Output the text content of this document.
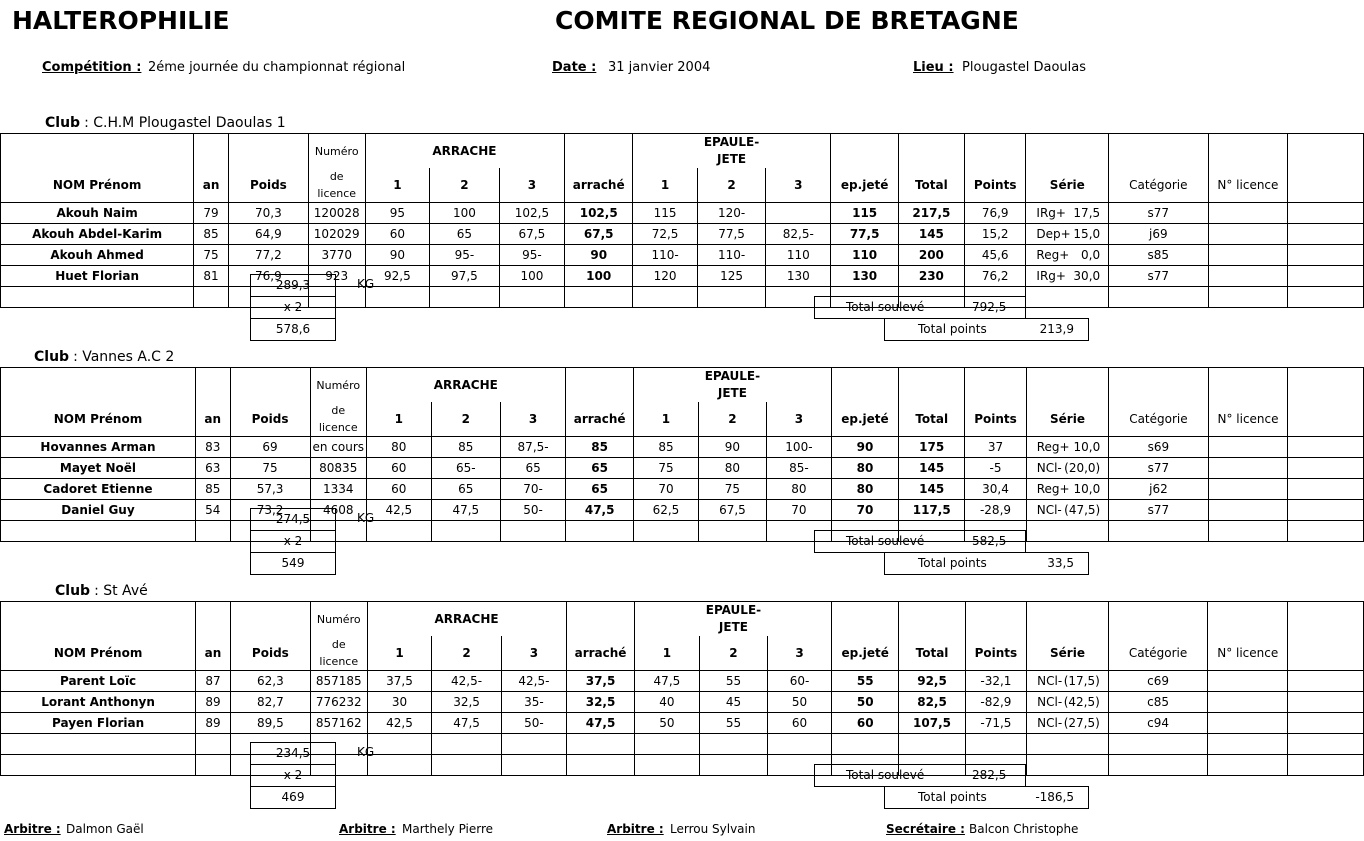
HALTEROPHILIE	COMITE REGIONAL DE BRETAGNE
Compétition : 2éme journée du championnat régional	Date : 31 janvier 2004	Lieu : Plougastel Daoulas
Club : C.H.M Plougastel Daoulas 1
			Numéro		ARRACHE				EPAULE-JETE								
NOM Prénom	an	Poids	de licence	1	2	3	arraché	1	2	3	ep.jeté	Total	Points	Série	Catégorie	N° licence	
Akouh Naim	79	70,3	120028	95	100	102,5	102,5	115	120-		115	217,5	76,9	IRg+ 17,5	s77		
Akouh Abdel-Karim	85	64,9	102029	60	65	67,5	67,5	72,5	77,5	82,5-	77,5	145	15,2	Dep+ 15,0	j69		
Akouh Ahmed	75	77,2	3770	90	95-	95-	90	110-	110-	110	110	200	45,6	Reg+ 0,0	s85		
Huet Florian	81	76,9	923	92,5	97,5	100	100	120	125	130	130	230	76,2	IRg+ 30,0	s77		

289,3
x 2
578,6
KG
Total soulevé	792,5
Total points	213,9
Club : Vannes A.C 2
			Numéro		ARRACHE				EPAULE-JETE								
NOM Prénom	an	Poids	de licence	1	2	3	arraché	1	2	3	ep.jeté	Total	Points	Série	Catégorie	N° licence	
Hovannes Arman	83	69	en cours	80	85	87,5-	85	85	90	100-	90	175	37	Reg+ 10,0	s69		
Mayet Noël	63	75	80835	60	65-	65	65	75	80	85-	80	145	-5	NCl- (20,0)	s77		
Cadoret Etienne	85	57,3	1334	60	65	70-	65	70	75	80	80	145	30,4	Reg+ 10,0	j62		
Daniel Guy	54	73,2	4608	42,5	47,5	50-	47,5	62,5	67,5	70	70	117,5	-28,9	NCl- (47,5)	s77		

274,5
x 2
549
KG
Total soulevé	582,5
Total points	33,5
Club : St Avé
			Numéro		ARRACHE				EPAULE-JETE								
NOM Prénom	an	Poids	de licence	1	2	3	arraché	1	2	3	ep.jeté	Total	Points	Série	Catégorie	N° licence	
Parent Loïc	87	62,3	857185	37,5	42,5-	42,5-	37,5	47,5	55	60-	55	92,5	-32,1	NCl- (17,5)	c69		
Lorant Anthonyn	89	82,7	776232	30	32,5	35-	32,5	40	45	50	50	82,5	-82,9	NCl- (42,5)	c85		
Payen Florian	89	89,5	857162	42,5	47,5	50-	47,5	50	55	60	60	107,5	-71,5	NCl- (27,5)	c94		

234,5
x 2
469
KG
Total soulevé	282,5
Total points	-186,5
Arbitre : Dalmon Gaël	Arbitre : Marthely Pierre	Arbitre : Lerrou Sylvain	Secrétaire : Balcon Christophe
